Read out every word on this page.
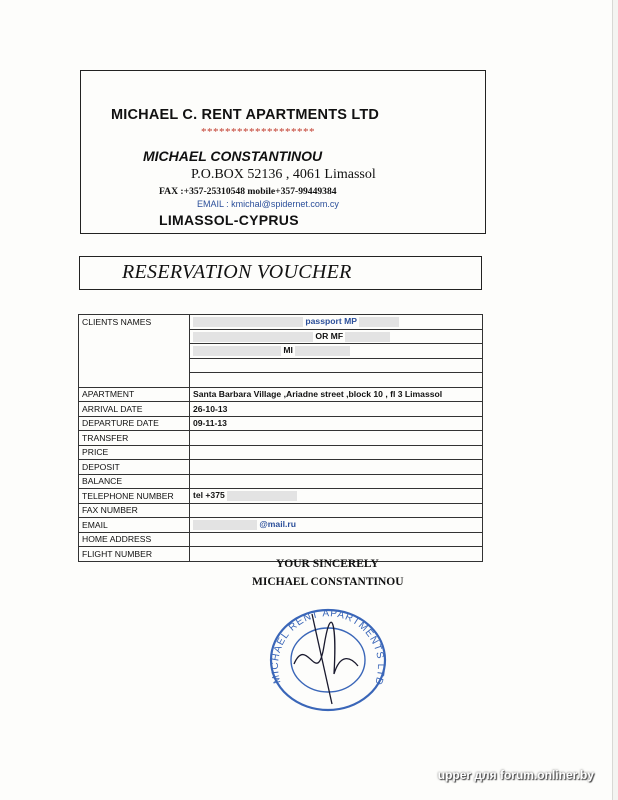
MICHAEL C. RENT APARTMENTS LTD
*******************
MICHAEL CONSTANTINOU
P.O.BOX 52136 , 4061 Limassol
FAX :+357-25310548 mobile+357-99449384
EMAIL : kmichal@spidernet.com.cy
LIMASSOL-CYPRUS
RESERVATION VOUCHER
CLIENTS NAMES	passport MP
	OR MF
	MI

APARTMENT	Santa Barbara Village ,Ariadne street ,block 10 , fl 3 Limassol
ARRIVAL DATE	26-10-13
DEPARTURE DATE	09-11-13
TRANSFER	
PRICE	
DEPOSIT	
BALANCE	
TELEPHONE NUMBER	tel +375
FAX NUMBER	
EMAIL	@mail.ru
HOME ADDRESS	
FLIGHT NUMBER	
YOUR SINCERELY
MICHAEL CONSTANTINOU
MICHAEL RENT APARTMENTS LTD
upper для forum.onliner.by
